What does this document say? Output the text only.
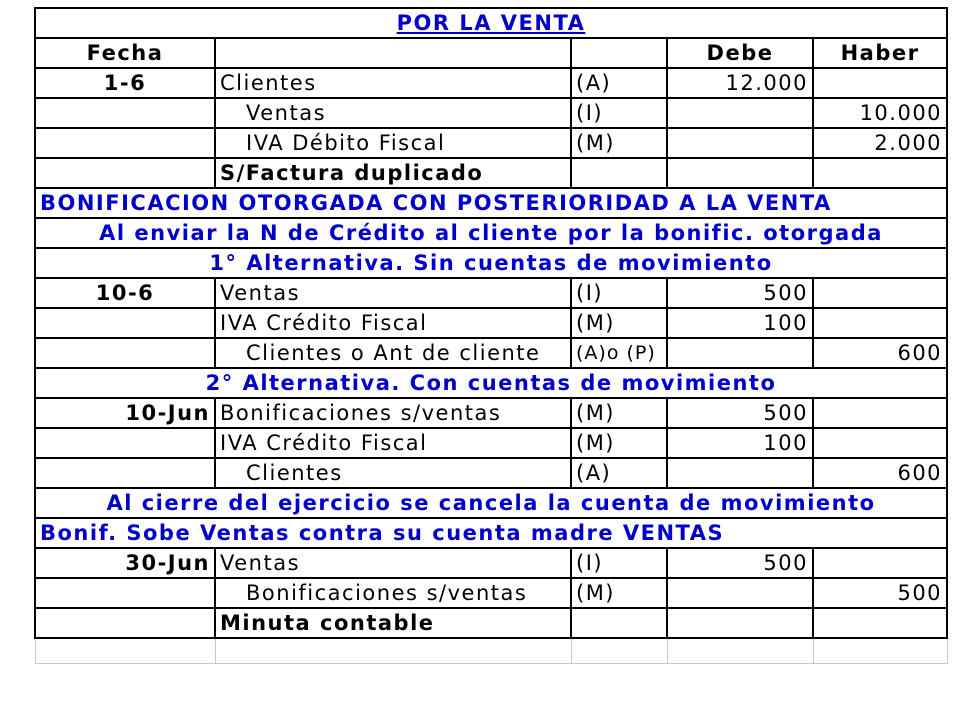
POR LA VENTA				
Fecha			Debe	Haber
1-6	Clientes	(A)	12.000	
	Ventas	(I)		10.000
	IVA Débito Fiscal	(M)		2.000
	S/Factura duplicado			
BONIFICACION OTORGADA CON POSTERIORIDAD A LA VENTA				
Al enviar la N de Crédito al cliente por la bonific. otorgada				
1° Alternativa. Sin cuentas de movimiento				
10-6	Ventas	(I)	500	
	IVA Crédito Fiscal	(M)	100	
	Clientes o Ant de cliente	(A)o (P)		600
2° Alternativa. Con cuentas de movimiento				
10-Jun	Bonificaciones s/ventas	(M)	500	
	IVA Crédito Fiscal	(M)	100	
	Clientes	(A)		600
Al cierre del ejercicio se cancela la cuenta de movimiento				
Bonif. Sobe Ventas contra su cuenta madre VENTAS				
30-Jun	Ventas	(I)	500	
	Bonificaciones s/ventas	(M)		500
	Minuta contable			
